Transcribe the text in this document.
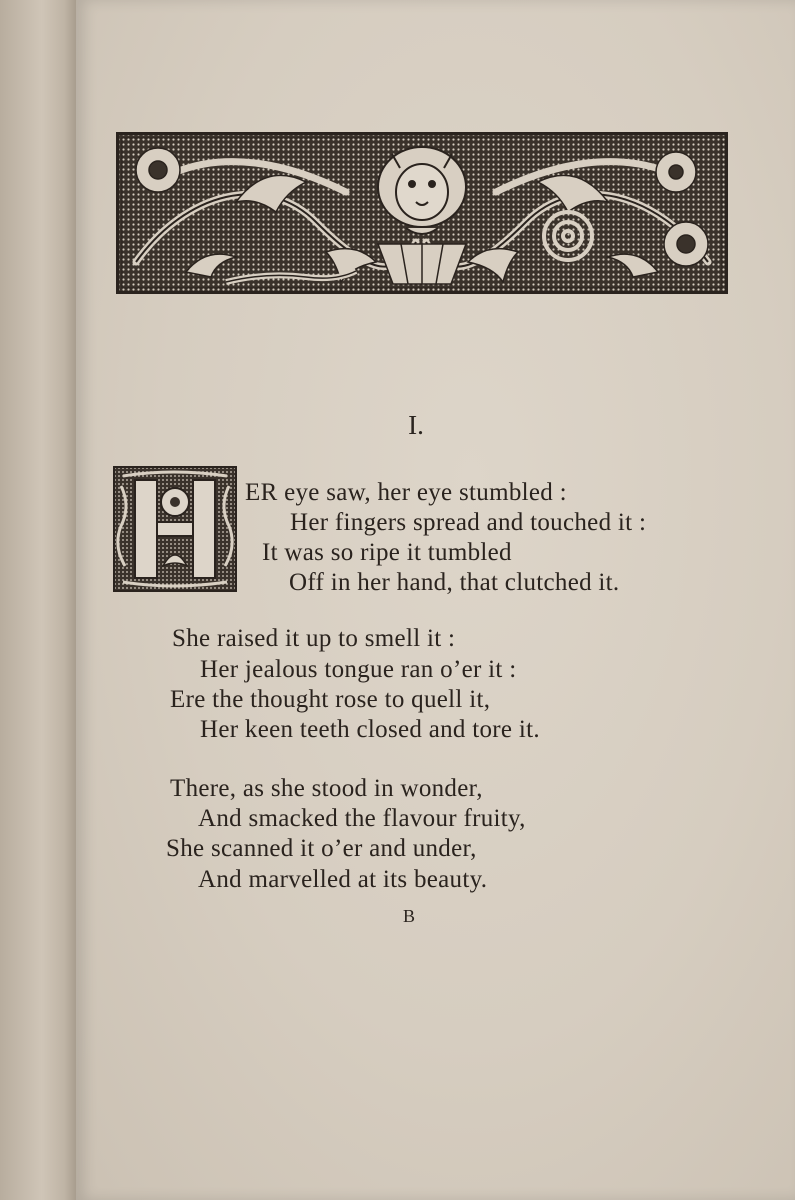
I.
ER eye saw, her eye stumbled :
Her fingers spread and touched it :
It was so ripe it tumbled
Off in her hand, that clutched it.
She raised it up to smell it :
Her jealous tongue ran o’er it :
Ere the thought rose to quell it,
Her keen teeth closed and tore it.
There, as she stood in wonder,
And smacked the flavour fruity,
She scanned it o’er and under,
And marvelled at its beauty.
B
